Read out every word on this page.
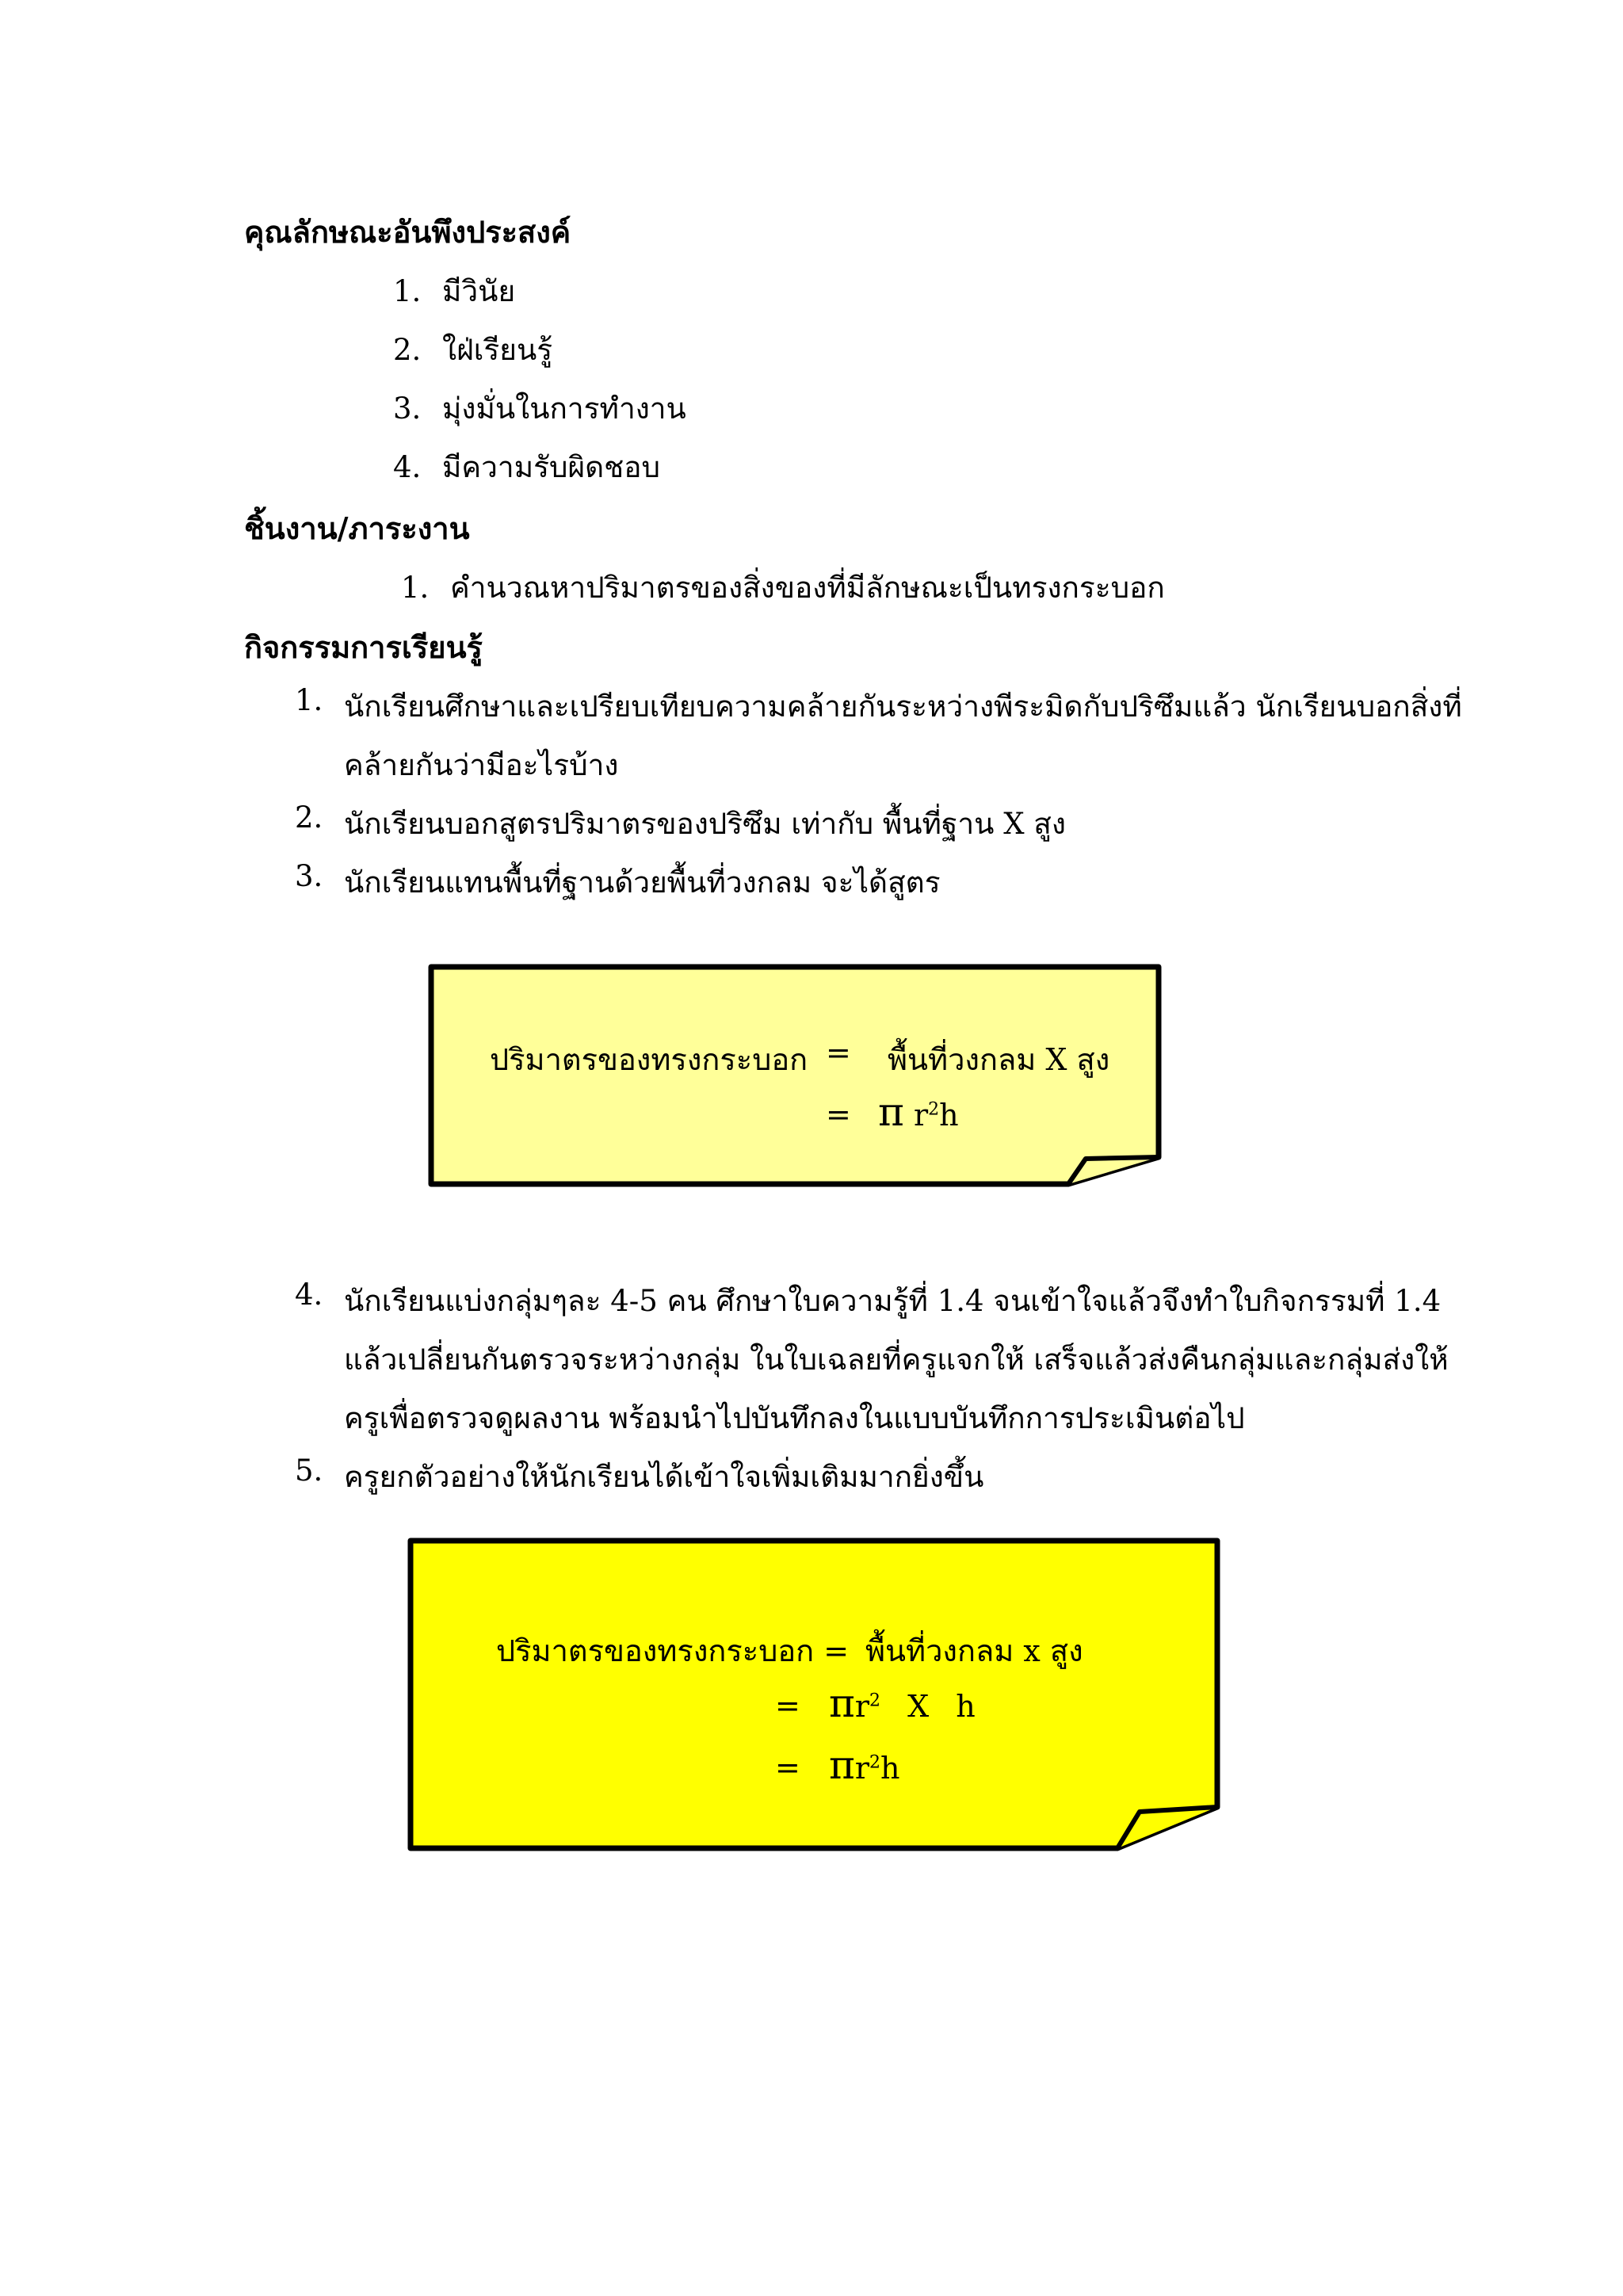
คุณลักษณะอันพึงประสงค์
1. มีวินัย
2. ใฝ่เรียนรู้
3. มุ่งมั่นในการทำงาน
4. มีความรับผิดชอบ
ชิ้นงาน/ภาระงาน
1. คำนวณหาปริมาตรของสิ่งของที่มีลักษณะเป็นทรงกระบอก
กิจกรรมการเรียนรู้
1. นักเรียนศึกษาและเปรียบเทียบความคล้ายกันระหว่างพีระมิดกับปริซึมแล้ว นักเรียนบอกสิ่งที่
คล้ายกันว่ามีอะไรบ้าง
2. นักเรียนบอกสูตรปริมาตรของปริซึม เท่ากับ พื้นที่ฐาน X สูง
3. นักเรียนแทนพื้นที่ฐานด้วยพื้นที่วงกลม จะได้สูตร
ปริมาตรของทรงกระบอก = พื้นที่วงกลม X สูง
= π $r^2h$
4. นักเรียนแบ่งกลุ่มๆละ 4-5 คน ศึกษาใบความรู้ที่ 1.4 จนเข้าใจแล้วจึงทำใบกิจกรรมที่ 1.4
แล้วเปลี่ยนกันตรวจระหว่างกลุ่ม ในใบเฉลยที่ครูแจกให้ เสร็จแล้วส่งคืนกลุ่มและกลุ่มส่งให้
ครูเพื่อตรวจดูผลงาน พร้อมนำไปบันทึกลงในแบบบันทึกการประเมินต่อไป
5. ครูยกตัวอย่างให้นักเรียนได้เข้าใจเพิ่มเติมมากยิ่งขึ้น
ปริมาตรของทรงกระบอก = พื้นที่วงกลม x สูง
= $\pi r^2$ X h
= $\pi r^2h$
